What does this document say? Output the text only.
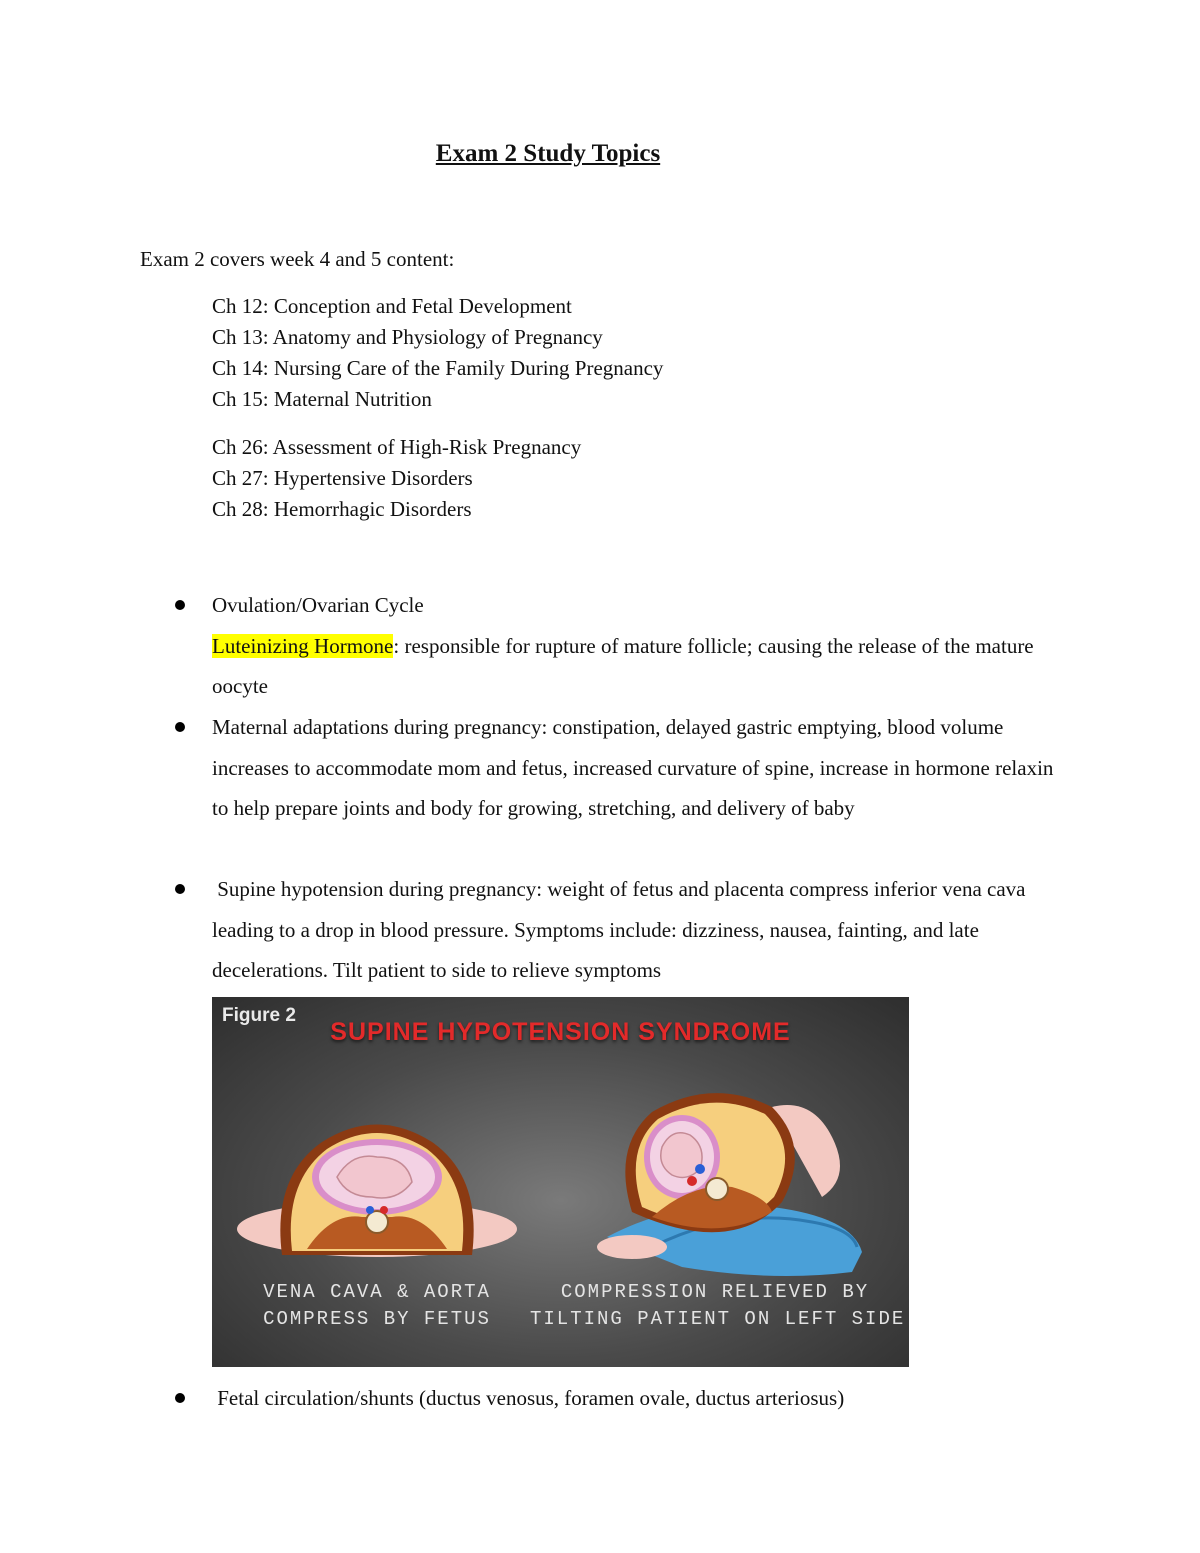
Exam 2 Study Topics
Exam 2 covers week 4 and 5 content:
Ch 12: Conception and Fetal Development
Ch 13: Anatomy and Physiology of Pregnancy
Ch 14: Nursing Care of the Family During Pregnancy
Ch 15: Maternal Nutrition
Ch 26: Assessment of High-Risk Pregnancy
Ch 27: Hypertensive Disorders
Ch 28: Hemorrhagic Disorders
Ovulation/Ovarian Cycle
Luteinizing Hormone: responsible for rupture of mature follicle; causing the release of the mature oocyte
Maternal adaptations during pregnancy: constipation, delayed gastric emptying, blood volume increases to accommodate mom and fetus, increased curvature of spine, increase in hormone relaxin to help prepare joints and body for growing, stretching, and delivery of baby
Supine hypotension during pregnancy: weight of fetus and placenta compress inferior vena cava leading to a drop in blood pressure. Symptoms include: dizziness, nausea, fainting, and late decelerations. Tilt patient to side to relieve symptoms
Figure 2
SUPINE HYPOTENSION SYNDROME
VENA CAVA & AORTA
COMPRESS BY FETUS
COMPRESSION RELIEVED BY
TILTING PATIENT ON LEFT SIDE
Fetal circulation/shunts (ductus venosus, foramen ovale, ductus arteriosus)
